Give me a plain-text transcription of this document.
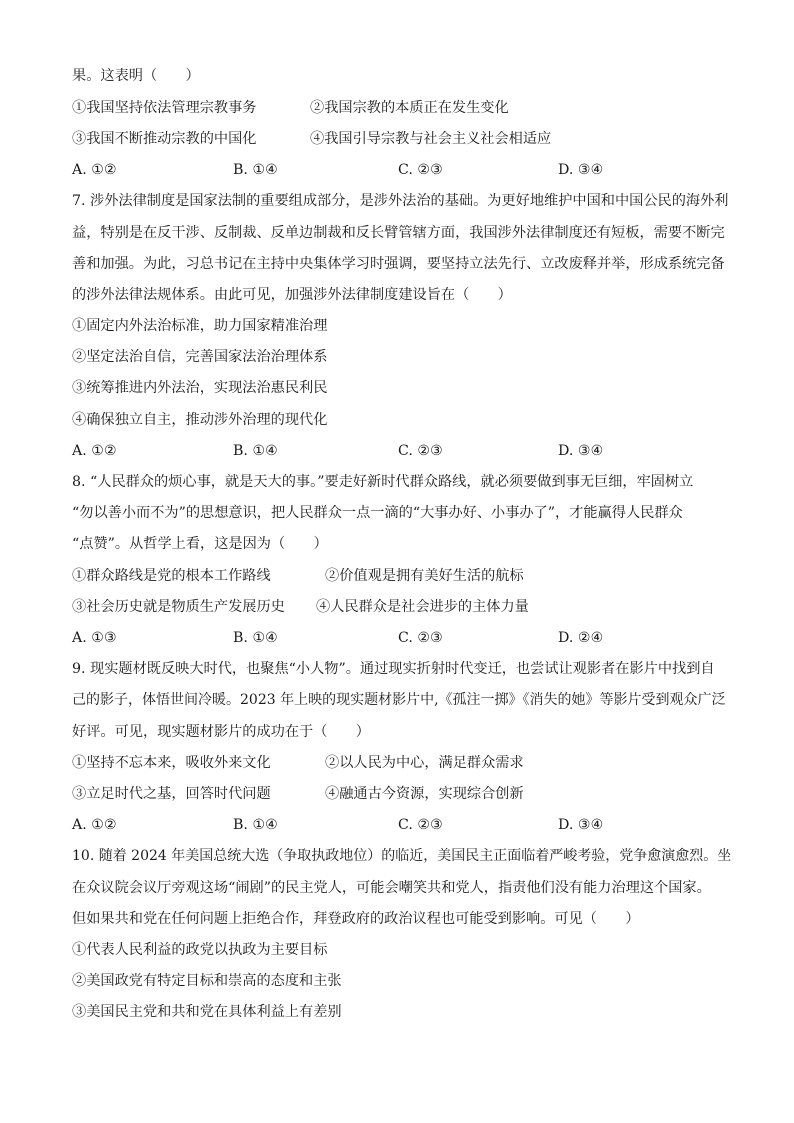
果。这表明（　　）
①我国坚持依法管理宗教事务	②我国宗教的本质正在发生变化
③我国不断推动宗教的中国化	④我国引导宗教与社会主义社会相适应
A. ①②	B. ①④	C. ②③	D. ③④
7. 涉外法律制度是国家法制的重要组成部分，是涉外法治的基础。为更好地维护中国和中国公民的海外利
益，特别是在反干涉、反制裁、反单边制裁和反长臂管辖方面，我国涉外法律制度还有短板，需要不断完
善和加强。为此，习总书记在主持中央集体学习时强调，要坚持立法先行、立改废释并举，形成系统完备
的涉外法律法规体系。由此可见，加强涉外法律制度建设旨在（　　）
①固定内外法治标准，助力国家精准治理
②坚定法治自信，完善国家法治治理体系
③统筹推进内外法治，实现法治惠民利民
④确保独立自主，推动涉外治理的现代化
A. ①②	B. ①④	C. ②③	D. ③④
8. “人民群众的烦心事，就是天大的事。”要走好新时代群众路线，就必须要做到事无巨细，牢固树立
“勿以善小而不为”的思想意识，把人民群众一点一滴的“大事办好、小事办了”，才能赢得人民群众
“点赞”。从哲学上看，这是因为（　　）
①群众路线是党的根本工作路线	②价值观是拥有美好生活的航标
③社会历史就是物质生产发展历史 ④人民群众是社会进步的主体力量
A. ①③	B. ①④	C. ②③	D. ②④
9. 现实题材既反映大时代，也聚焦“小人物”。通过现实折射时代变迁，也尝试让观影者在影片中找到自
己的影子，体悟世间冷暖。2023 年上映的现实题材影片中,《孤注一掷》《消失的她》等影片受到观众广泛
好评。可见，现实题材影片的成功在于（　　）
①坚持不忘本来，吸收外来文化	②以人民为中心，满足群众需求
③立足时代之基，回答时代问题	④融通古今资源，实现综合创新
A. ①②	B. ①④	C. ②③	D. ③④
10. 随着 2024 年美国总统大选（争取执政地位）的临近，美国民主正面临着严峻考验，党争愈演愈烈。坐
在众议院会议厅旁观这场“闹剧”的民主党人，可能会嘲笑共和党人，指责他们没有能力治理这个国家。
但如果共和党在任何问题上拒绝合作，拜登政府的政治议程也可能受到影响。可见（　　）
①代表人民利益的政党以执政为主要目标
②美国政党有特定目标和崇高的态度和主张
③美国民主党和共和党在具体利益上有差别
